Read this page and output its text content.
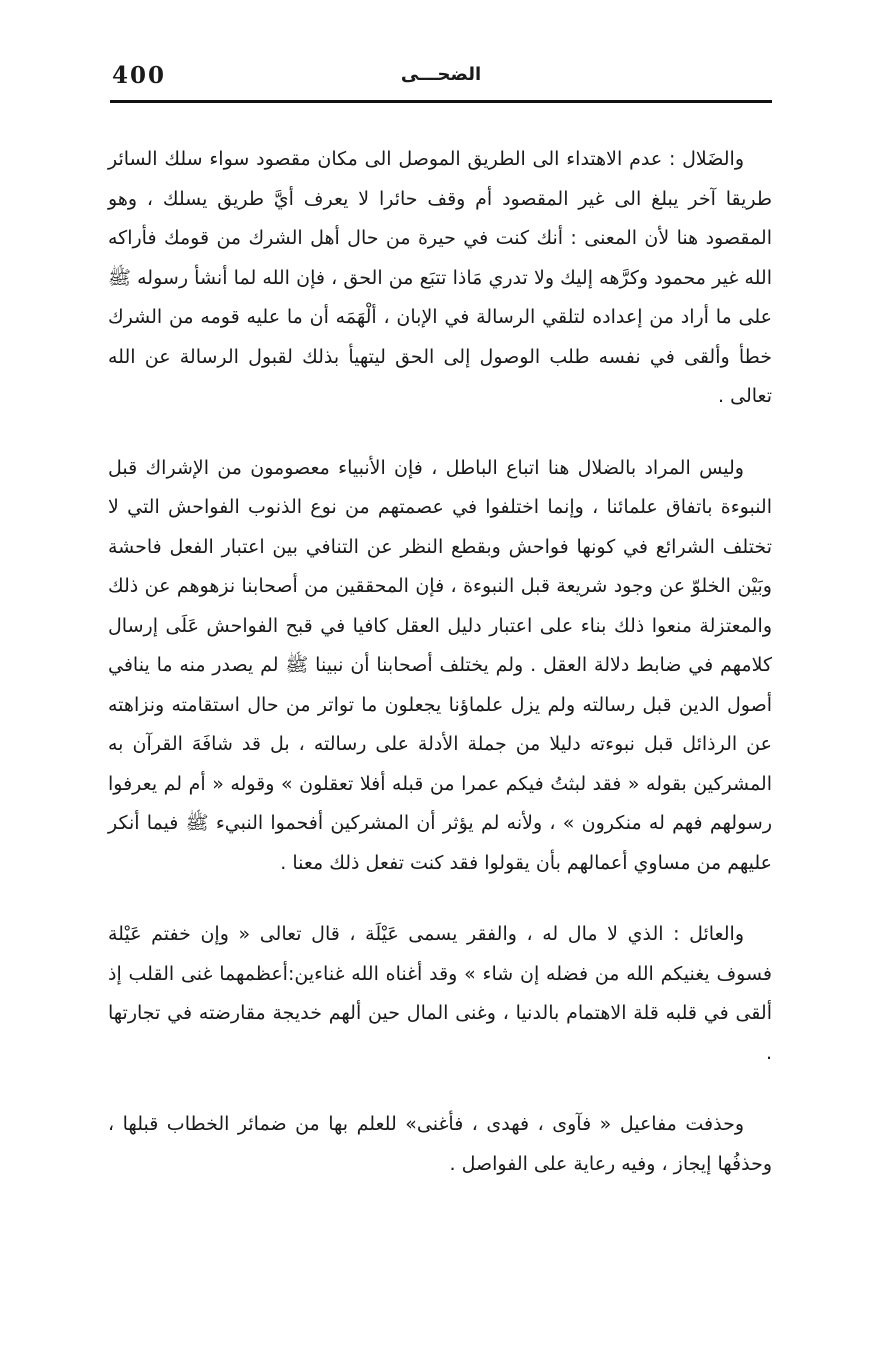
400	الضحـــى

والضَلال : عدم الاهتداء الى الطريق الموصل الى مكان مقصود سواء سلك السائر طريقا آخر يبلغ الى غير المقصود أم وقف حائرا لا يعرف أيَّ طريق يسلك ، وهو المقصود هنا لأن المعنى : أنك كنت في حيرة من حال أهل الشرك من قومك فأراكه الله غير محمود وكرَّهه إليك ولا تدري مَاذا تتبَع من الحق ، فإن الله لما أنشأ رسوله ﷺ على ما أراد من إعداده لتلقي الرسالة في الإبان ، ألْهَمَه أن ما عليه قومه من الشرك خطأ وألقى في نفسه طلب الوصول إلى الحق ليتهيأ بذلك لقبول الرسالة عن الله تعالى .

وليس المراد بالضلال هنا اتباع الباطل ، فإن الأنبياء معصومون من الإشراك قبل النبوءة باتفاق علمائنا ، وإنما اختلفوا في عصمتهم من نوع الذنوب الفواحش التي لا تختلف الشرائع في كونها فواحش وبقطع النظر عن التنافي بين اعتبار الفعل فاحشة وبَيْن الخلوّ عن وجود شريعة قبل النبوءة ، فإن المحققين من أصحابنا نزهوهم عن ذلك والمعتزلة منعوا ذلك بناء على اعتبار دليل العقل كافيا في قبح الفواحش عَلَى إرسال كلامهم في ضابط دلالة العقل . ولم يختلف أصحابنا أن نبينا ﷺ لم يصدر منه ما ينافي أصول الدين قبل رسالته ولم يزل علماؤنا يجعلون ما تواتر من حال استقامته ونزاهته عن الرذائل قبل نبوءته دليلا من جملة الأدلة على رسالته ، بل قد شافَهَ القرآن به المشركين بقوله « فقد لبثتُ فيكم عمرا من قبله أفلا تعقلون » وقوله « أم لم يعرفوا رسولهم فهم له منكرون » ، ولأنه لم يؤثر أن المشركين أفحموا النبيء ﷺ فيما أنكر عليهم من مساوي أعمالهم بأن يقولوا فقد كنت تفعل ذلك معنا .

والعائل : الذي لا مال له ، والفقر يسمى عَيْلَة ، قال تعالى « وإن خفتم عَيْلة فسوف يغنيكم الله من فضله إن شاء » وقد أغناه الله غناءين:أعظمهما غنى القلب إذ ألقى في قلبه قلة الاهتمام بالدنيا ، وغنى المال حين ألهم خديجة مقارضته في تجارتها .

وحذفت مفاعيل « فآوى ، فهدى ، فأغنى» للعلم بها من ضمائر الخطاب قبلها ، وحذفُها إيجاز ، وفيه رعاية على الفواصل .
